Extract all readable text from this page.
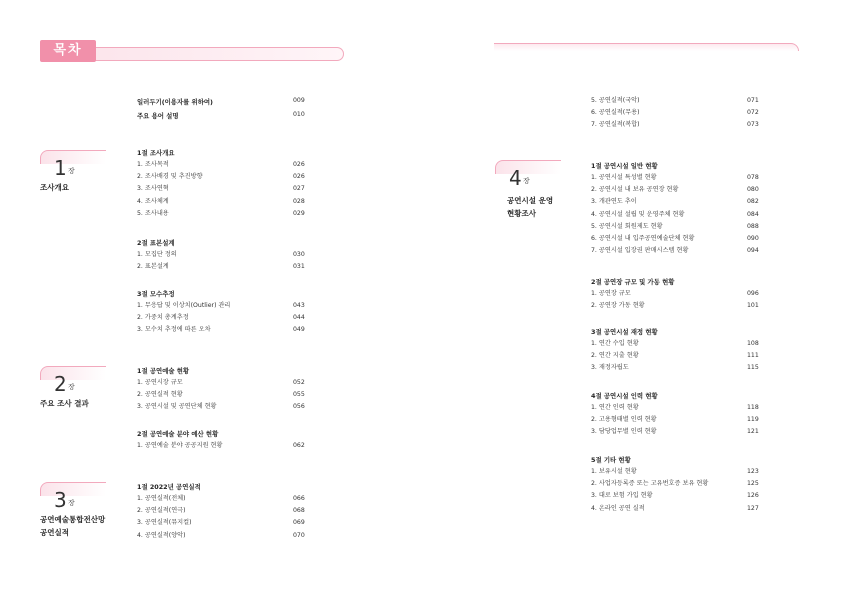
목차
1 장
조사개요
2 장
주요 조사 결과
3 장
공연예술통합전산망
공연실적
4 장
공연시설 운영
현황조사
일러두기(이용자를 위하여)	009
주요 용어 설명	010
1절 조사개요
1. 조사목적	026
2. 조사배경 및 추진방향	026
3. 조사연혁	027
4. 조사체계	028
5. 조사내용	029
2절 표본설계
1. 모집단 정의	030
2. 표본설계	031
3절 모수추정
1. 무응답 및 이상치(Outlier) 관리	043
2. 가중치 총계추정	044
3. 모수치 추정에 따른 오차	049
1절 공연예술 현황
1. 공연시장 규모	052
2. 공연실적 현황	055
3. 공연시설 및 공연단체 현황	056
2절 공연예술 분야 예산 현황
1. 공연예술 분야 공공지원 현황	062
1절 2022년 공연실적
1. 공연실적(전체)	066
2. 공연실적(연극)	068
3. 공연실적(뮤지컬)	069
4. 공연실적(양악)	070
5. 공연실적(국악)	071
6. 공연실적(무용)	072
7. 공연실적(복합)	073
1절 공연시설 일반 현황
1. 공연시설 특성별 현황	078
2. 공연시설 내 보유 공연장 현황	080
3. 개관연도 추이	082
4. 공연시설 설립 및 운영주체 현황	084
5. 공연시설 회원제도 현황	088
6. 공연시설 내 입주공연예술단체 현황	090
7. 공연시설 입장권 판매시스템 현황	094
2절 공연장 규모 및 가동 현황
1. 공연장 규모	096
2. 공연장 가동 현황	101
3절 공연시설 재정 현황
1. 연간 수입 현황	108
2. 연간 지출 현황	111
3. 재정자립도	115
4절 공연시설 인력 현황
1. 연간 인력 현황	118
2. 고용형태별 인력 현황	119
3. 담당업무별 인력 현황	121
5절 기타 현황
1. 보유시설 현황	123
2. 사업자등록증 또는 고유번호증 보유 현황	125
3. 대로 보험 가입 현황	126
4. 온라인 공연 실적	127
